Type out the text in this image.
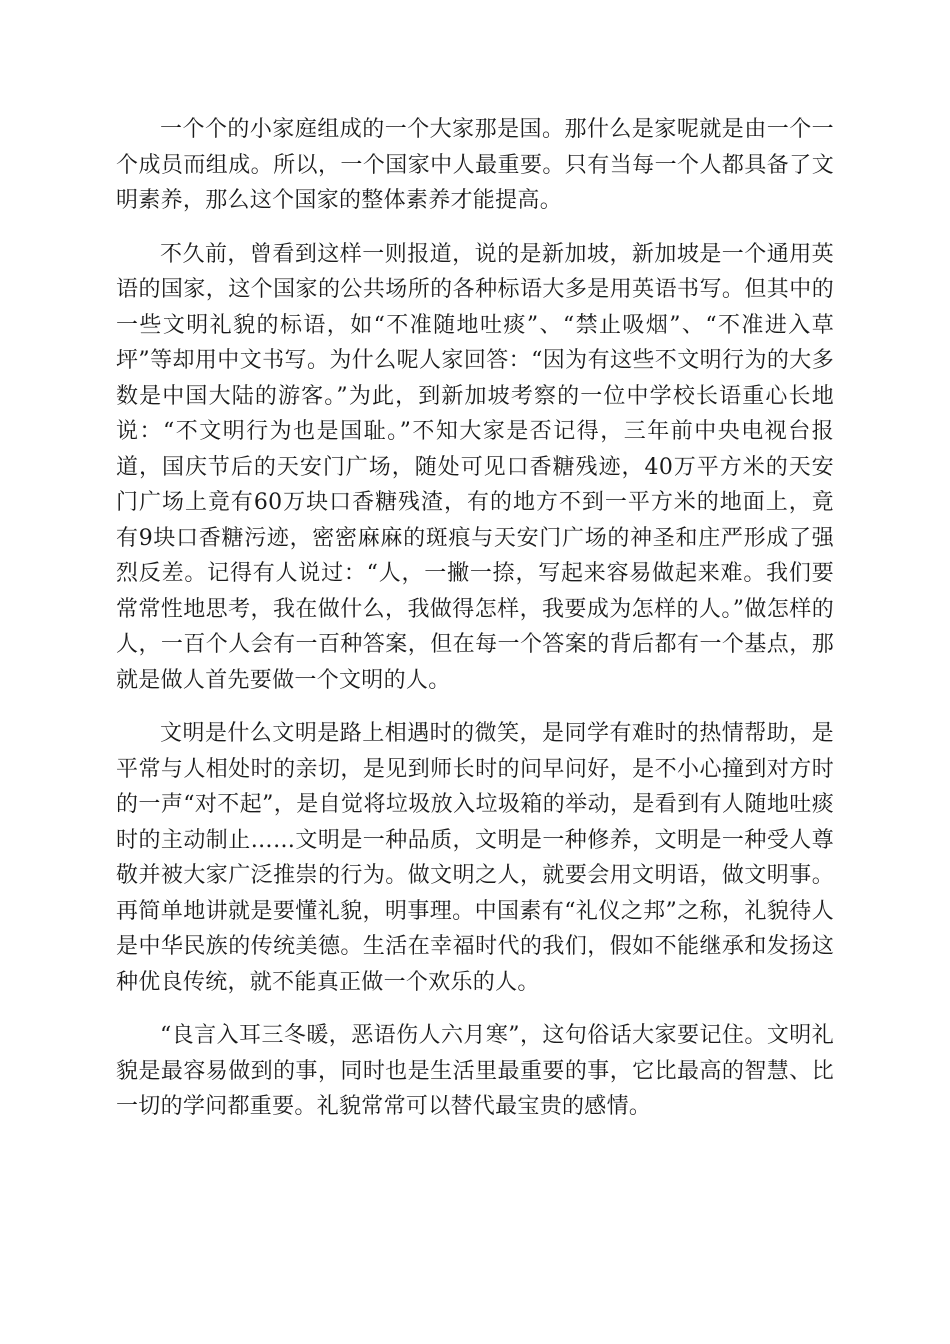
一个个的小家庭组成的一个大家那是国。那什么是家呢就是由一个一个成员而组成。所以，一个国家中人最重要。只有当每一个人都具备了文明素养，那么这个国家的整体素养才能提高。

不久前，曾看到这样一则报道，说的是新加坡，新加坡是一个通用英语的国家，这个国家的公共场所的各种标语大多是用英语书写。但其中的一些文明礼貌的标语，如“不准随地吐痰”、“禁止吸烟”、“不准进入草坪”等却用中文书写。为什么呢人家回答：“因为有这些不文明行为的大多数是中国大陆的游客。”为此，到新加坡考察的一位中学校长语重心长地说：“不文明行为也是国耻。”不知大家是否记得，三年前中央电视台报道，国庆节后的天安门广场，随处可见口香糖残迹，40万平方米的天安门广场上竟有60万块口香糖残渣，有的地方不到一平方米的地面上，竟有9块口香糖污迹，密密麻麻的斑痕与天安门广场的神圣和庄严形成了强烈反差。记得有人说过：“人，一撇一捺，写起来容易做起来难。我们要常常性地思考，我在做什么，我做得怎样，我要成为怎样的人。”做怎样的人，一百个人会有一百种答案，但在每一个答案的背后都有一个基点，那就是做人首先要做一个文明的人。

文明是什么文明是路上相遇时的微笑，是同学有难时的热情帮助，是平常与人相处时的亲切，是见到师长时的问早问好，是不小心撞到对方时的一声“对不起”，是自觉将垃圾放入垃圾箱的举动，是看到有人随地吐痰时的主动制止……文明是一种品质，文明是一种修养，文明是一种受人尊敬并被大家广泛推崇的行为。做文明之人，就要会用文明语，做文明事。再简单地讲就是要懂礼貌，明事理。中国素有“礼仪之邦”之称，礼貌待人是中华民族的传统美德。生活在幸福时代的我们，假如不能继承和发扬这种优良传统，就不能真正做一个欢乐的人。

“良言入耳三冬暖，恶语伤人六月寒”，这句俗话大家要记住。文明礼貌是最容易做到的事，同时也是生活里最重要的事，它比最高的智慧、比一切的学问都重要。礼貌常常可以替代最宝贵的感情。
